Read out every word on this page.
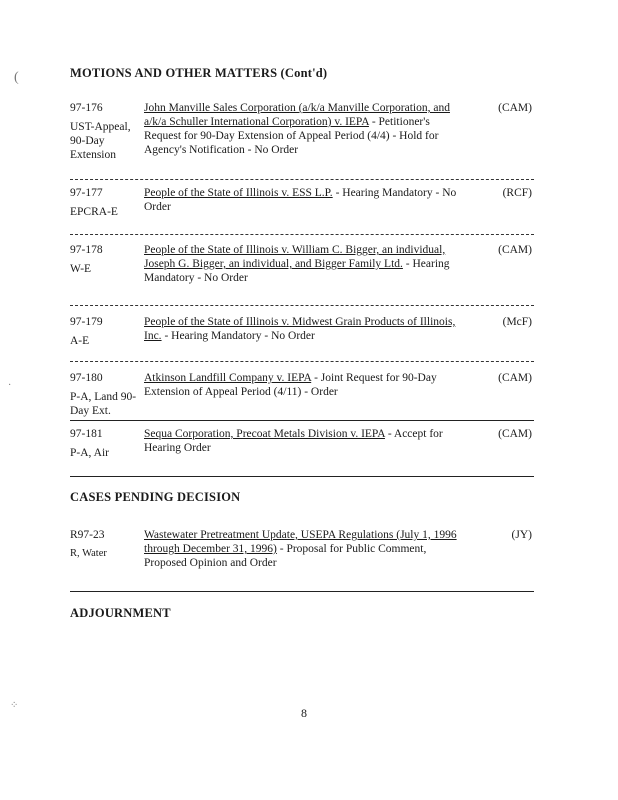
(
·
⁘
MOTIONS AND OTHER MATTERS (Cont'd)
97-176
UST-Appeal, 90-Day Extension
John Manville Sales Corporation (a/k/a Manville Corporation, and a/k/a Schuller International Corporation) v. IEPA - Petitioner's Request for 90-Day Extension of Appeal Period (4/4) - Hold for Agency's Notification - No Order
(CAM)
97-177
EPCRA-E
People of the State of Illinois v. ESS L.P. - Hearing Mandatory - No Order
(RCF)
97-178
W-E
People of the State of Illinois v. William C. Bigger, an individual, Joseph G. Bigger, an individual, and Bigger Family Ltd. - Hearing Mandatory - No Order
(CAM)
97-179
A-E
People of the State of Illinois v. Midwest Grain Products of Illinois, Inc. - Hearing Mandatory - No Order
(McF)
97-180
P-A, Land 90-Day Ext.
Atkinson Landfill Company v. IEPA - Joint Request for 90-Day Extension of Appeal Period (4/11) - Order
(CAM)
97-181
P-A, Air
Sequa Corporation, Precoat Metals Division v. IEPA - Accept for Hearing Order
(CAM)
CASES PENDING DECISION
R97-23
R, Water
Wastewater Pretreatment Update, USEPA Regulations (July 1, 1996 through December 31, 1996) - Proposal for Public Comment, Proposed Opinion and Order
(JY)
ADJOURNMENT
8
